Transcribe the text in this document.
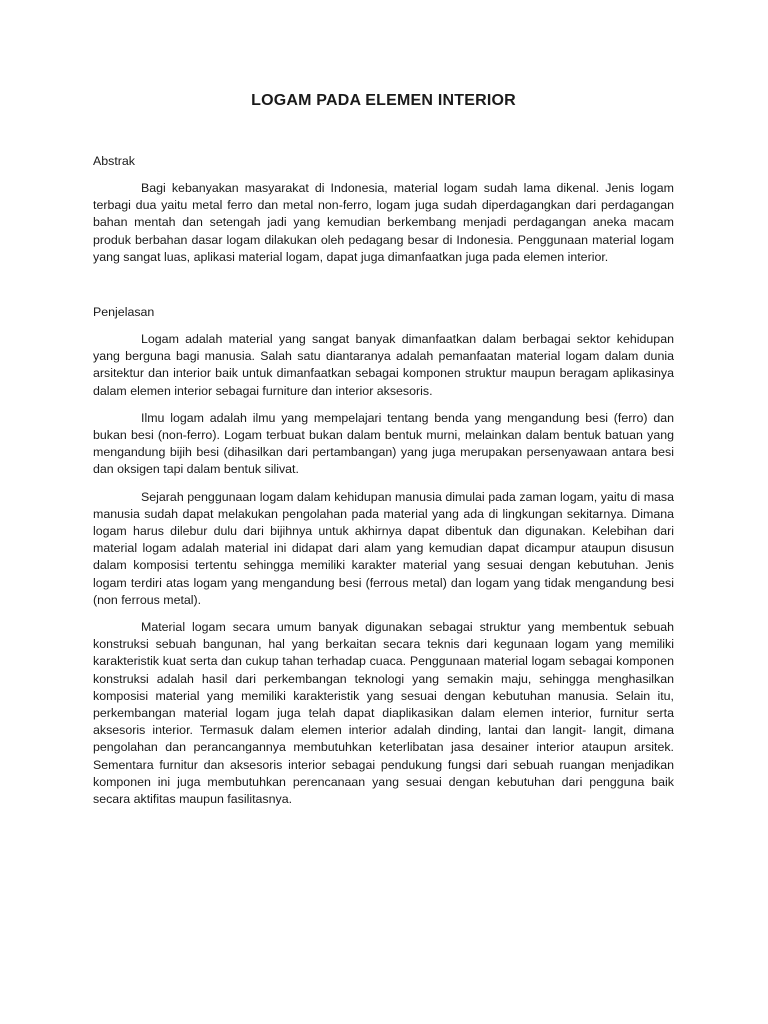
LOGAM PADA ELEMEN INTERIOR
Abstrak

Bagi kebanyakan masyarakat di Indonesia, material logam sudah lama dikenal. Jenis logam terbagi dua yaitu metal ferro dan metal non-ferro, logam juga sudah diperdagangkan dari perdagangan bahan mentah dan setengah jadi yang kemudian berkembang menjadi perdagangan aneka macam produk berbahan dasar logam dilakukan oleh pedagang besar di Indonesia. Penggunaan material logam yang sangat luas, aplikasi material logam, dapat juga dimanfaatkan juga pada elemen interior.

Penjelasan

Logam adalah material yang sangat banyak dimanfaatkan dalam berbagai sektor kehidupan yang berguna bagi manusia. Salah satu diantaranya adalah pemanfaatan material logam dalam dunia arsitektur dan interior baik untuk dimanfaatkan sebagai komponen struktur maupun beragam aplikasinya dalam elemen interior sebagai furniture dan interior aksesoris.

Ilmu logam adalah ilmu yang mempelajari tentang benda yang mengandung besi (ferro) dan bukan besi (non-ferro). Logam terbuat bukan dalam bentuk murni, melainkan dalam bentuk batuan yang mengandung bijih besi (dihasilkan dari pertambangan) yang juga merupakan persenyawaan antara besi dan oksigen tapi dalam bentuk silivat.

Sejarah penggunaan logam dalam kehidupan manusia dimulai pada zaman logam, yaitu di masa manusia sudah dapat melakukan pengolahan pada material yang ada di lingkungan sekitarnya. Dimana logam harus dilebur dulu dari bijihnya untuk akhirnya dapat dibentuk dan digunakan. Kelebihan dari material logam adalah material ini didapat dari alam yang kemudian dapat dicampur ataupun disusun dalam komposisi tertentu sehingga memiliki karakter material yang sesuai dengan kebutuhan. Jenis logam terdiri atas logam yang mengandung besi (ferrous metal) dan logam yang tidak mengandung besi (non ferrous metal).

Material logam secara umum banyak digunakan sebagai struktur yang membentuk sebuah konstruksi sebuah bangunan, hal yang berkaitan secara teknis dari kegunaan logam yang memiliki karakteristik kuat serta dan cukup tahan terhadap cuaca. Penggunaan material logam sebagai komponen konstruksi adalah hasil dari perkembangan teknologi yang semakin maju, sehingga menghasilkan komposisi material yang memiliki karakteristik yang sesuai dengan kebutuhan manusia. Selain itu, perkembangan material logam juga telah dapat diaplikasikan dalam elemen interior, furnitur serta aksesoris interior. Termasuk dalam elemen interior adalah dinding, lantai dan langit- langit, dimana pengolahan dan perancangannya membutuhkan keterlibatan jasa desainer interior ataupun arsitek. Sementara furnitur dan aksesoris interior sebagai pendukung fungsi dari sebuah ruangan menjadikan komponen ini juga membutuhkan perencanaan yang sesuai dengan kebutuhan dari pengguna baik secara aktifitas maupun fasilitasnya.
